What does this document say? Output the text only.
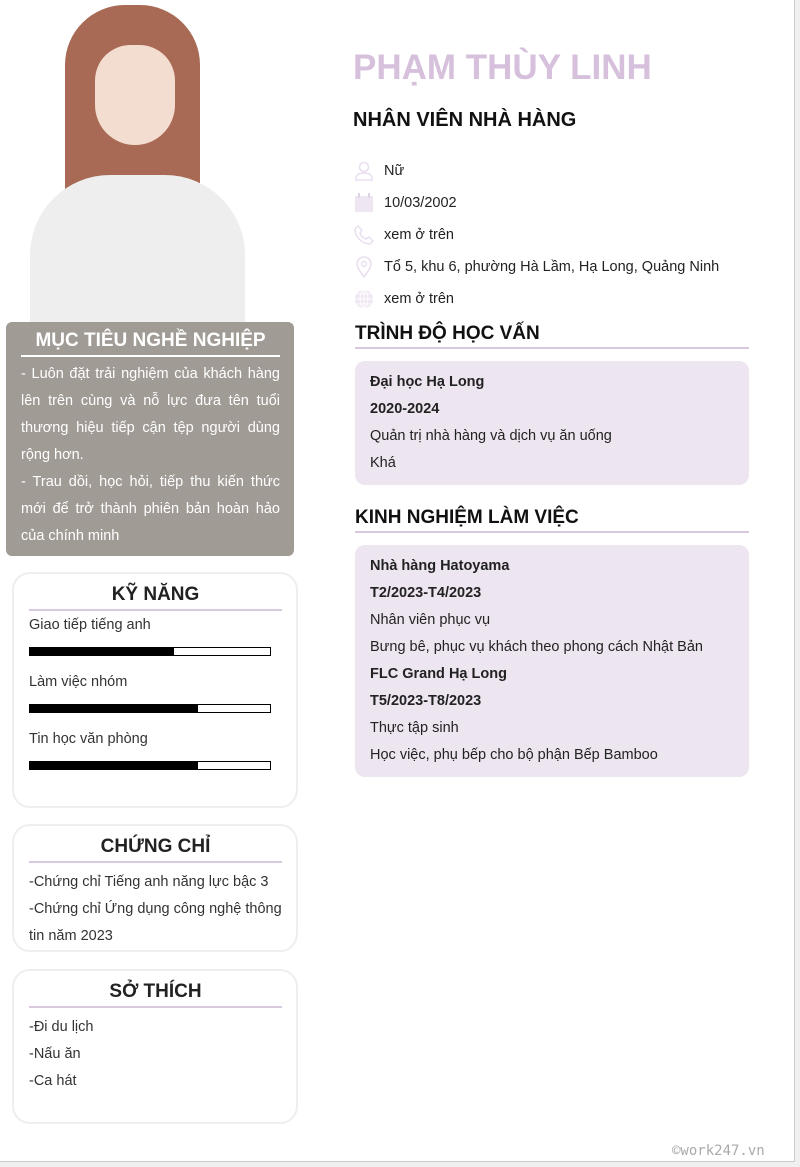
MỤC TIÊU NGHỀ NGHIỆP

- Luôn đặt trải nghiệm của khách hàng lên trên cùng và nỗ lực đưa tên tuổi thương hiệu tiếp cận tệp người dùng rộng hơn.

- Trau dồi, học hỏi, tiếp thu kiến thức mới để trở thành phiên bản hoàn hảo của chính minh

KỸ NĂNG
Giao tiếp tiếng anh
Làm việc nhóm
Tin học văn phòng
CHỨNG CHỈ

-Chứng chỉ Tiếng anh năng lực bậc 3

-Chứng chỉ Ứng dụng công nghệ thông tin năm 2023

SỞ THÍCH

-Đi du lịch

-Nấu ăn

-Ca hát

PHẠM THÙY LINH
NHÂN VIÊN NHÀ HÀNG
Nữ
10/03/2002
xem ở trên
Tổ 5, khu 6, phường Hà Lầm, Hạ Long, Quảng Ninh
xem ở trên
TRÌNH ĐỘ HỌC VẤN

Đại học Hạ Long

2020-2024

Quản trị nhà hàng và dịch vụ ăn uống

Khá

KINH NGHIỆM LÀM VIỆC

Nhà hàng Hatoyama

T2/2023-T4/2023

Nhân viên phục vụ

Bưng bê, phục vụ khách theo phong cách Nhật Bản

FLC Grand Hạ Long

T5/2023-T8/2023

Thực tập sinh

Học việc, phụ bếp cho bộ phận Bếp Bamboo

©work247.vn
